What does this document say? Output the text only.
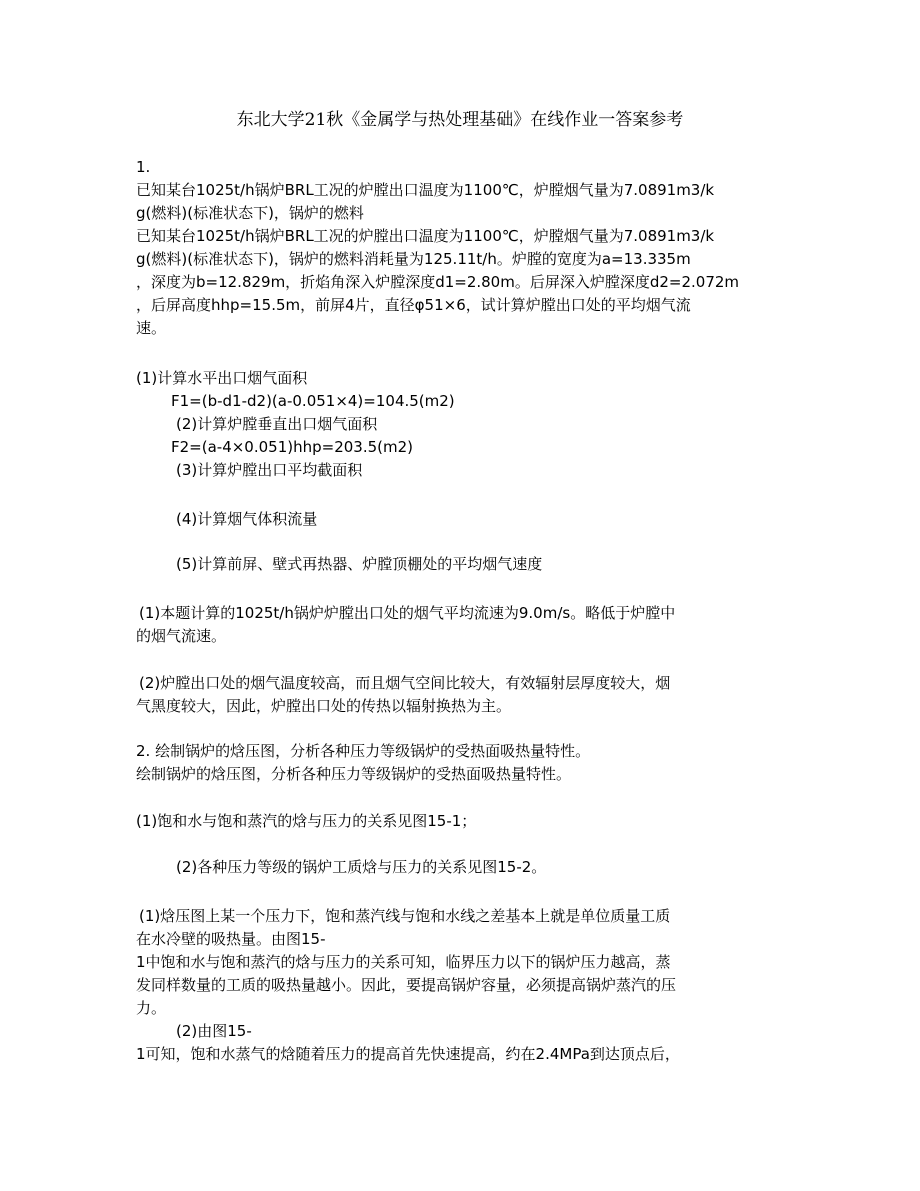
东北大学21秋《金属学与热处理基础》在线作业一答案参考
1.
已知某台1025t/h锅炉BRL工况的炉膛出口温度为1100℃，炉膛烟气量为7.0891m3/k
g(燃料)(标准状态下)，锅炉的燃料
已知某台1025t/h锅炉BRL工况的炉膛出口温度为1100℃，炉膛烟气量为7.0891m3/k
g(燃料)(标准状态下)，锅炉的燃料消耗量为125.11t/h。炉膛的宽度为a=13.335m
，深度为b=12.829m，折焰角深入炉膛深度d1=2.80m。后屏深入炉膛深度d2=2.072m
，后屏高度hhp=15.5m，前屏4片，直径φ51×6，试计算炉膛出口处的平均烟气流
速。
(1)计算水平出口烟气面积
F1=(b-d1-d2)(a-0.051×4)=104.5(m2)
(2)计算炉膛垂直出口烟气面积
F2=(a-4×0.051)hhp=203.5(m2)
(3)计算炉膛出口平均截面积
(4)计算烟气体积流量
(5)计算前屏、壁式再热器、炉膛顶棚处的平均烟气速度
(1)本题计算的1025t/h锅炉炉膛出口处的烟气平均流速为9.0m/s。略低于炉膛中
的烟气流速。
(2)炉膛出口处的烟气温度较高，而且烟气空间比较大，有效辐射层厚度较大，烟
气黑度较大，因此，炉膛出口处的传热以辐射换热为主。
2. 绘制锅炉的焓压图，分析各种压力等级锅炉的受热面吸热量特性。
绘制锅炉的焓压图，分析各种压力等级锅炉的受热面吸热量特性。
(1)饱和水与饱和蒸汽的焓与压力的关系见图15-1；
(2)各种压力等级的锅炉工质焓与压力的关系见图15-2。
(1)焓压图上某一个压力下，饱和蒸汽线与饱和水线之差基本上就是单位质量工质
在水冷壁的吸热量。由图15-
1中饱和水与饱和蒸汽的焓与压力的关系可知，临界压力以下的锅炉压力越高，蒸
发同样数量的工质的吸热量越小。因此，要提高锅炉容量，必须提高锅炉蒸汽的压
力。
(2)由图15-
1可知，饱和水蒸气的焓随着压力的提高首先快速提高，约在2.4MPa到达顶点后，
